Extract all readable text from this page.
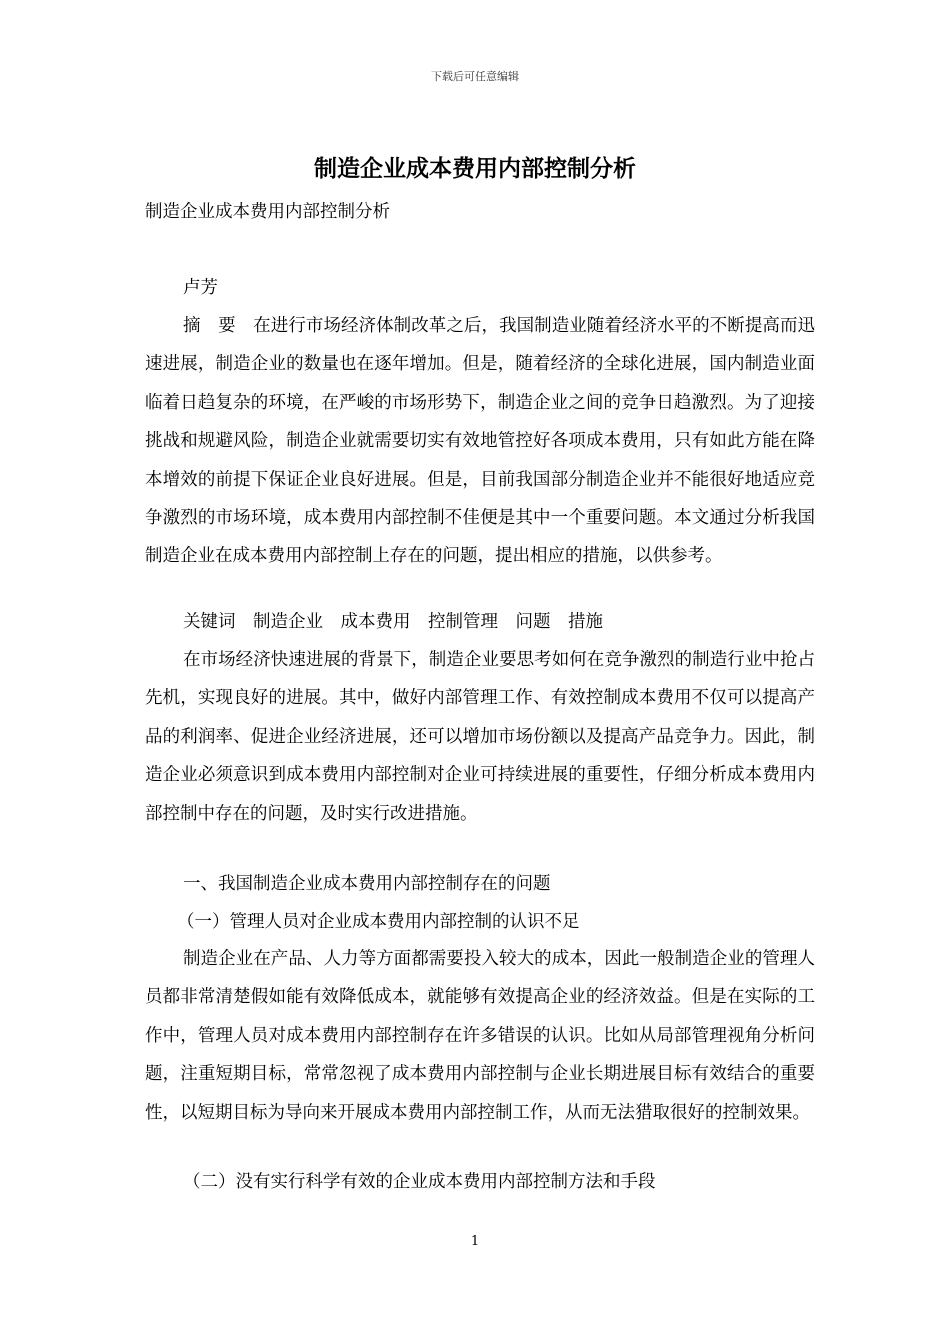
下载后可任意编辑
制造企业成本费用内部控制分析
制造企业成本费用内部控制分析
卢芳

摘　要　在进行市场经济体制改革之后，我国制造业随着经济水平的不断提高而迅速进展，制造企业的数量也在逐年增加。但是，随着经济的全球化进展，国内制造业面临着日趋复杂的环境，在严峻的市场形势下，制造企业之间的竞争日趋激烈。为了迎接挑战和规避风险，制造企业就需要切实有效地管控好各项成本费用，只有如此方能在降本增效的前提下保证企业良好进展。但是，目前我国部分制造企业并不能很好地适应竞争激烈的市场环境，成本费用内部控制不佳便是其中一个重要问题。本文通过分析我国制造企业在成本费用内部控制上存在的问题，提出相应的措施，以供参考。

关键词　制造企业　成本费用　控制管理　问题　措施

在市场经济快速进展的背景下，制造企业要思考如何在竞争激烈的制造行业中抢占先机，实现良好的进展。其中，做好内部管理工作、有效控制成本费用不仅可以提高产品的利润率、促进企业经济进展，还可以增加市场份额以及提高产品竞争力。因此，制造企业必须意识到成本费用内部控制对企业可持续进展的重要性，仔细分析成本费用内部控制中存在的问题，及时实行改进措施。

一、我国制造企业成本费用内部控制存在的问题
（一）管理人员对企业成本费用内部控制的认识不足

制造企业在产品、人力等方面都需要投入较大的成本，因此一般制造企业的管理人员都非常清楚假如能有效降低成本，就能够有效提高企业的经济效益。但是在实际的工作中，管理人员对成本费用内部控制存在许多错误的认识。比如从局部管理视角分析问题，注重短期目标，常常忽视了成本费用内部控制与企业长期进展目标有效结合的重要性，以短期目标为导向来开展成本费用内部控制工作，从而无法猎取很好的控制效果。

（二）没有实行科学有效的企业成本费用内部控制方法和手段
1
